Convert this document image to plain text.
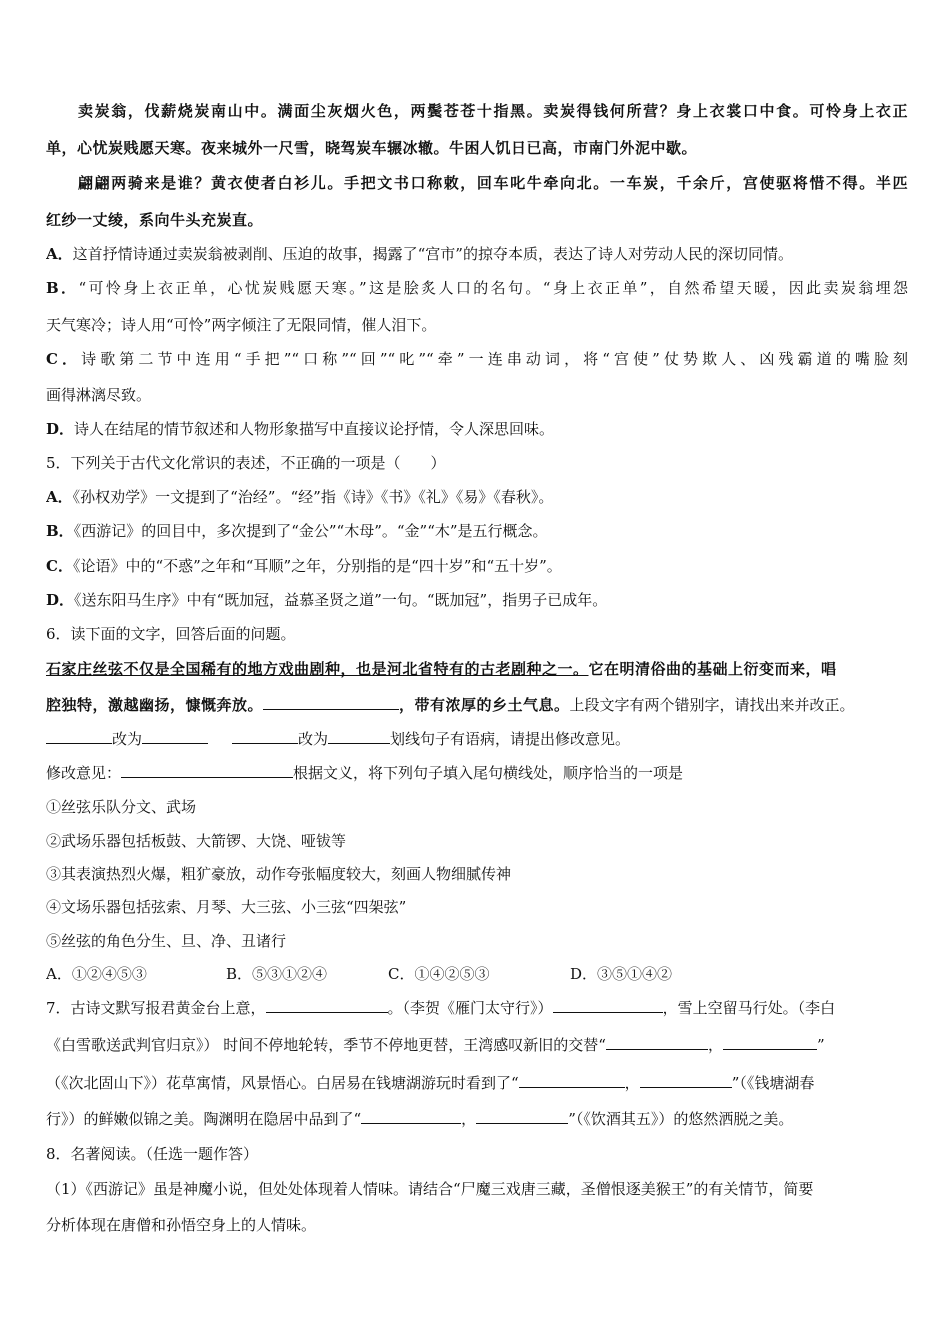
卖炭翁，伐薪烧炭南山中。满面尘灰烟火色，两鬓苍苍十指黑。卖炭得钱何所营？身上衣裳口中食。可怜身上衣正
单，心忧炭贱愿天寒。夜来城外一尺雪，晓驾炭车辗冰辙。牛困人饥日已高，市南门外泥中歇。
翩翩两骑来是谁？黄衣使者白衫儿。手把文书口称敕，回车叱牛牵向北。一车炭，千余斤，宫使驱将惜不得。半匹
红纱一丈绫，系向牛头充炭直。
A．这首抒情诗通过卖炭翁被剥削、压迫的故事，揭露了“宫市”的掠夺本质，表达了诗人对劳动人民的深切同情。
B．“可怜身上衣正单，心忧炭贱愿天寒。”这是脍炙人口的名句。“身上衣正单”，自然希望天暖，因此卖炭翁埋怨
天气寒冷；诗人用“可怜”两字倾注了无限同情，催人泪下。
C．诗歌第二节中连用“手把”“口称”“回”“叱”“牵”一连串动词，将“宫使”仗势欺人、凶残霸道的嘴脸刻
画得淋漓尽致。
D．诗人在结尾的情节叙述和人物形象描写中直接议论抒情，令人深思回味。
5．下列关于古代文化常识的表述，不正确的一项是（　　）
A．《孙权劝学》一文提到了“治经”。“经”指《诗》《书》《礼》《易》《春秋》。
B．《西游记》的回目中，多次提到了“金公”“木母”。“金”“木”是五行概念。
C．《论语》中的“不惑”之年和“耳顺”之年，分别指的是“四十岁”和“五十岁”。
D．《送东阳马生序》中有“既加冠，益慕圣贤之道”一句。“既加冠”，指男子已成年。
6．读下面的文字，回答后面的问题。
石家庄丝弦不仅是全国稀有的地方戏曲剧种，也是河北省特有的古老剧种之一。它在明清俗曲的基础上衍变而来，唱
腔独特，激越幽扬，慷慨奔放。	，带有浓厚的乡土气息。上段文字有两个错别字，请找出来并改正。
改为	改为	划线句子有语病，请提出修改意见。
修改意见：	根据文义，将下列句子填入尾句横线处，顺序恰当的一项是
①丝弦乐队分文、武场
②武场乐器包括板鼓、大箭锣、大饶、哑钹等
③其表演热烈火爆，粗犷豪放，动作夸张幅度较大，刻画人物细腻传神
④文场乐器包括弦索、月琴、大三弦、小三弦“四架弦”
⑤丝弦的角色分生、旦、净、丑诸行
A．①②④⑤③	B．⑤③①②④	C．①④②⑤③	D．③⑤①④②
7．古诗文默写报君黄金台上意，	。（李贺《雁门太守行》）	，雪上空留马行处。（李白
《白雪歌送武判官归京》） 时间不停地轮转，季节不停地更替，王湾感叹新旧的交替“	，	”
（《次北固山下》）花草寓情，风景悟心。白居易在钱塘湖游玩时看到了“	，	”（《钱塘湖春
行》）的鲜嫩似锦之美。陶渊明在隐居中品到了“	，	”（《饮酒其五》）的悠然洒脱之美。
8．名著阅读。（任选一题作答）
（1）《西游记》虽是神魔小说，但处处体现着人情味。请结合“尸魔三戏唐三藏，圣僧恨逐美猴王”的有关情节，简要
分析体现在唐僧和孙悟空身上的人情味。
